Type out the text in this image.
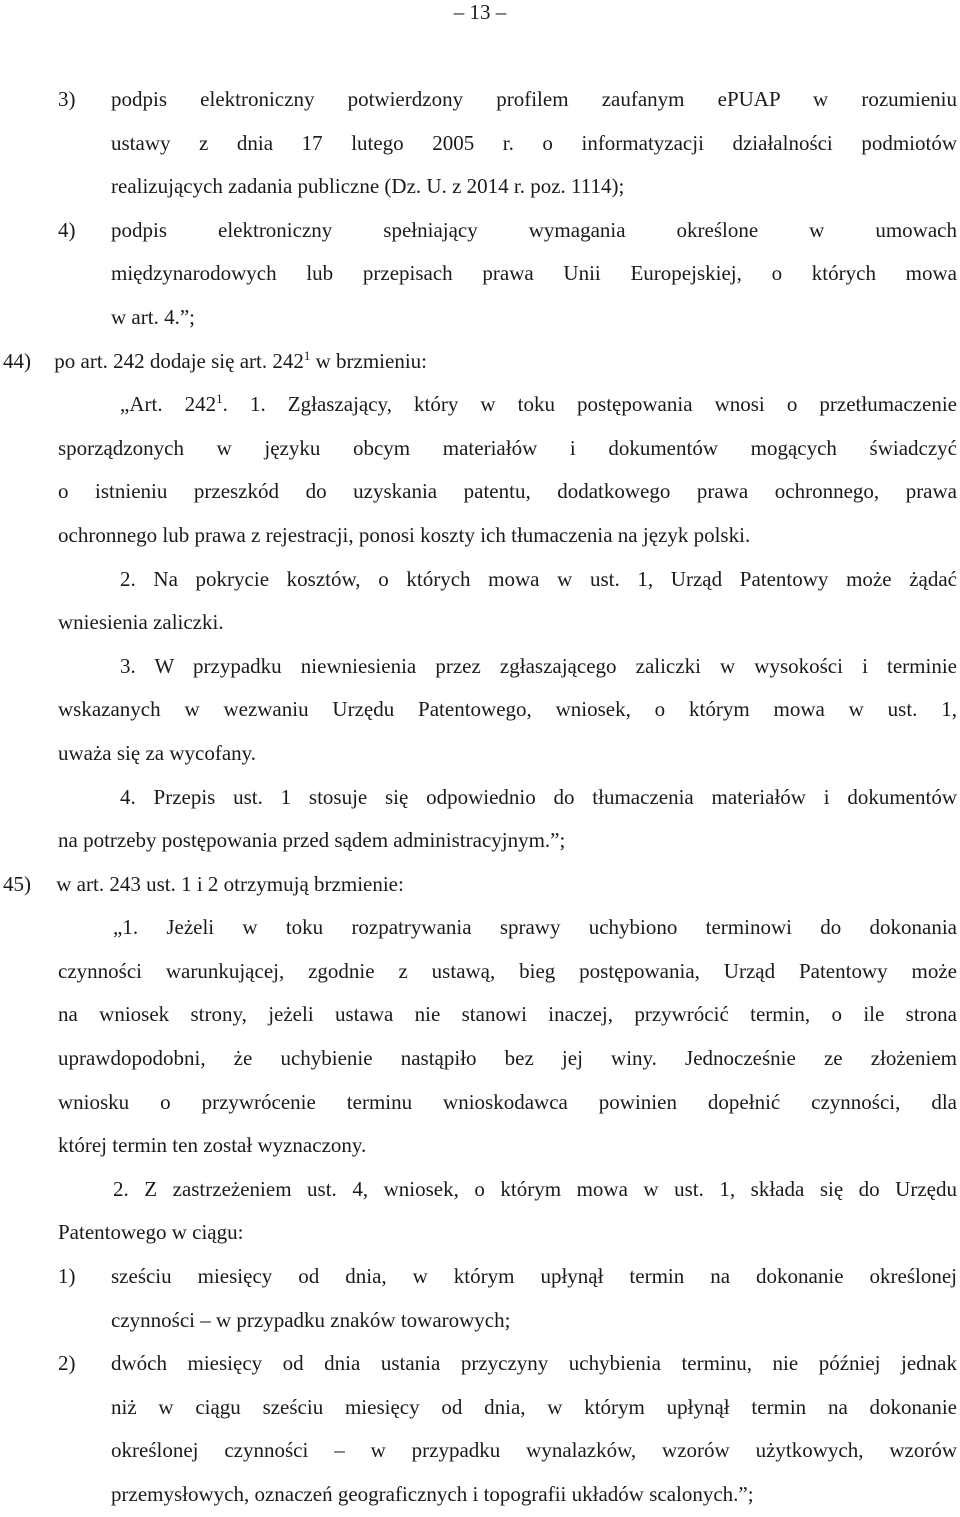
– 13 –
3) podpis elektroniczny potwierdzony profilem zaufanym ePUAP w rozumieniu
ustawy z dnia 17 lutego 2005 r. o informatyzacji działalności podmiotów
realizujących zadania publiczne (Dz. U. z 2014 r. poz. 1114);
4) podpis elektroniczny spełniający wymagania określone w umowach
międzynarodowych lub przepisach prawa Unii Europejskiej, o których mowa
w art. 4.”;
44) po art. 242 dodaje się art. $242^1$ w brzmieniu:
„Art. $242^1$. 1. Zgłaszający, który w toku postępowania wnosi o przetłumaczenie
sporządzonych w języku obcym materiałów i dokumentów mogących świadczyć
o istnieniu przeszkód do uzyskania patentu, dodatkowego prawa ochronnego, prawa
ochronnego lub prawa z rejestracji, ponosi koszty ich tłumaczenia na język polski.
2. Na pokrycie kosztów, o których mowa w ust. 1, Urząd Patentowy może żądać
wniesienia zaliczki.
3. W przypadku niewniesienia przez zgłaszającego zaliczki w wysokości i terminie
wskazanych w wezwaniu Urzędu Patentowego, wniosek, o którym mowa w ust. 1,
uważa się za wycofany.
4. Przepis ust. 1 stosuje się odpowiednio do tłumaczenia materiałów i dokumentów
na potrzeby postępowania przed sądem administracyjnym.”;
45) w art. 243 ust. 1 i 2 otrzymują brzmienie:
„1. Jeżeli w toku rozpatrywania sprawy uchybiono terminowi do dokonania
czynności warunkującej, zgodnie z ustawą, bieg postępowania, Urząd Patentowy może
na wniosek strony, jeżeli ustawa nie stanowi inaczej, przywrócić termin, o ile strona
uprawdopodobni, że uchybienie nastąpiło bez jej winy. Jednocześnie ze złożeniem
wniosku o przywrócenie terminu wnioskodawca powinien dopełnić czynności, dla
której termin ten został wyznaczony.
2. Z zastrzeżeniem ust. 4, wniosek, o którym mowa w ust. 1, składa się do Urzędu
Patentowego w ciągu:
1) sześciu miesięcy od dnia, w którym upłynął termin na dokonanie określonej
czynności – w przypadku znaków towarowych;
2) dwóch miesięcy od dnia ustania przyczyny uchybienia terminu, nie później jednak
niż w ciągu sześciu miesięcy od dnia, w którym upłynął termin na dokonanie
określonej czynności – w przypadku wynalazków, wzorów użytkowych, wzorów
przemysłowych, oznaczeń geograficznych i topografii układów scalonych.”;
